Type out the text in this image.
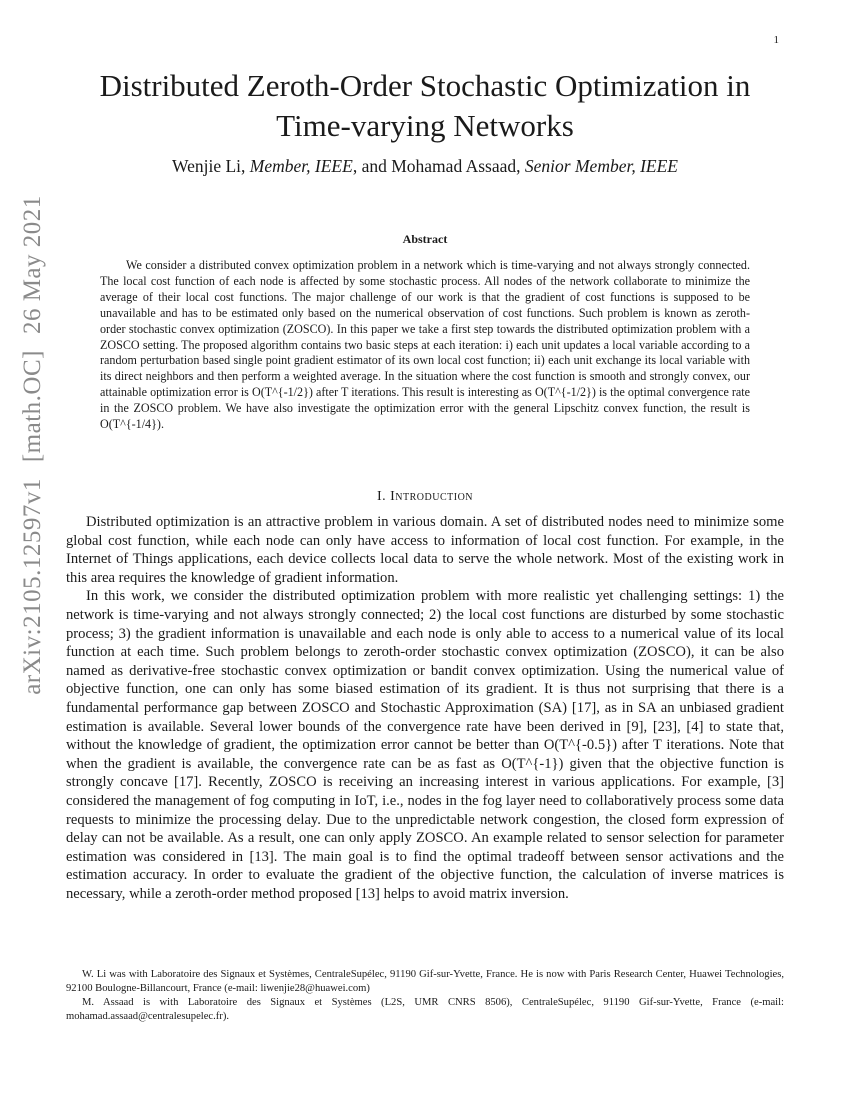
1
arXiv:2105.12597v1[math.OC]26 May 2021
Distributed Zeroth-Order Stochastic Optimization in Time-varying Networks
Wenjie Li, Member, IEEE, and Mohamad Assaad, Senior Member, IEEE
Abstract

We consider a distributed convex optimization problem in a network which is time-varying and not always strongly connected. The local cost function of each node is affected by some stochastic process. All nodes of the network collaborate to minimize the average of their local cost functions. The major challenge of our work is that the gradient of cost functions is supposed to be unavailable and has to be estimated only based on the numerical observation of cost functions. Such problem is known as zeroth-order stochastic convex optimization (ZOSCO). In this paper we take a first step towards the distributed optimization problem with a ZOSCO setting. The proposed algorithm contains two basic steps at each iteration: i) each unit updates a local variable according to a random perturbation based single point gradient estimator of its own local cost function; ii) each unit exchange its local variable with its direct neighbors and then perform a weighted average. In the situation where the cost function is smooth and strongly convex, our attainable optimization error is O(T^{-1/2}) after T iterations. This result is interesting as O(T^{-1/2}) is the optimal convergence rate in the ZOSCO problem. We have also investigate the optimization error with the general Lipschitz convex function, the result is O(T^{-1/4}).

I. Introduction

Distributed optimization is an attractive problem in various domain. A set of distributed nodes need to minimize some global cost function, while each node can only have access to information of local cost function. For example, in the Internet of Things applications, each device collects local data to serve the whole network. Most of the existing work in this area requires the knowledge of gradient information.

In this work, we consider the distributed optimization problem with more realistic yet challenging settings: 1) the network is time-varying and not always strongly connected; 2) the local cost functions are disturbed by some stochastic process; 3) the gradient information is unavailable and each node is only able to access to a numerical value of its local function at each time. Such problem belongs to zeroth-order stochastic convex optimization (ZOSCO), it can be also named as derivative-free stochastic convex optimization or bandit convex optimization. Using the numerical value of objective function, one can only has some biased estimation of its gradient. It is thus not surprising that there is a fundamental performance gap between ZOSCO and Stochastic Approximation (SA) [17], as in SA an unbiased gradient estimation is available. Several lower bounds of the convergence rate have been derived in [9], [23], [4] to state that, without the knowledge of gradient, the optimization error cannot be better than O(T^{-0.5}) after T iterations. Note that when the gradient is available, the convergence rate can be as fast as O(T^{-1}) given that the objective function is strongly concave [17]. Recently, ZOSCO is receiving an increasing interest in various applications. For example, [3] considered the management of fog computing in IoT, i.e., nodes in the fog layer need to collaboratively process some data requests to minimize the processing delay. Due to the unpredictable network congestion, the closed form expression of delay can not be available. As a result, one can only apply ZOSCO. An example related to sensor selection for parameter estimation was considered in [13]. The main goal is to find the optimal tradeoff between sensor activations and the estimation accuracy. In order to evaluate the gradient of the objective function, the calculation of inverse matrices is necessary, while a zeroth-order method proposed [13] helps to avoid matrix inversion.

W. Li was with Laboratoire des Signaux et Systèmes, CentraleSupélec, 91190 Gif-sur-Yvette, France. He is now with Paris Research Center, Huawei Technologies, 92100 Boulogne-Billancourt, France (e-mail: liwenjie28@huawei.com)

M. Assaad is with Laboratoire des Signaux et Systèmes (L2S, UMR CNRS 8506), CentraleSupélec, 91190 Gif-sur-Yvette, France (e-mail: mohamad.assaad@centralesupelec.fr).
